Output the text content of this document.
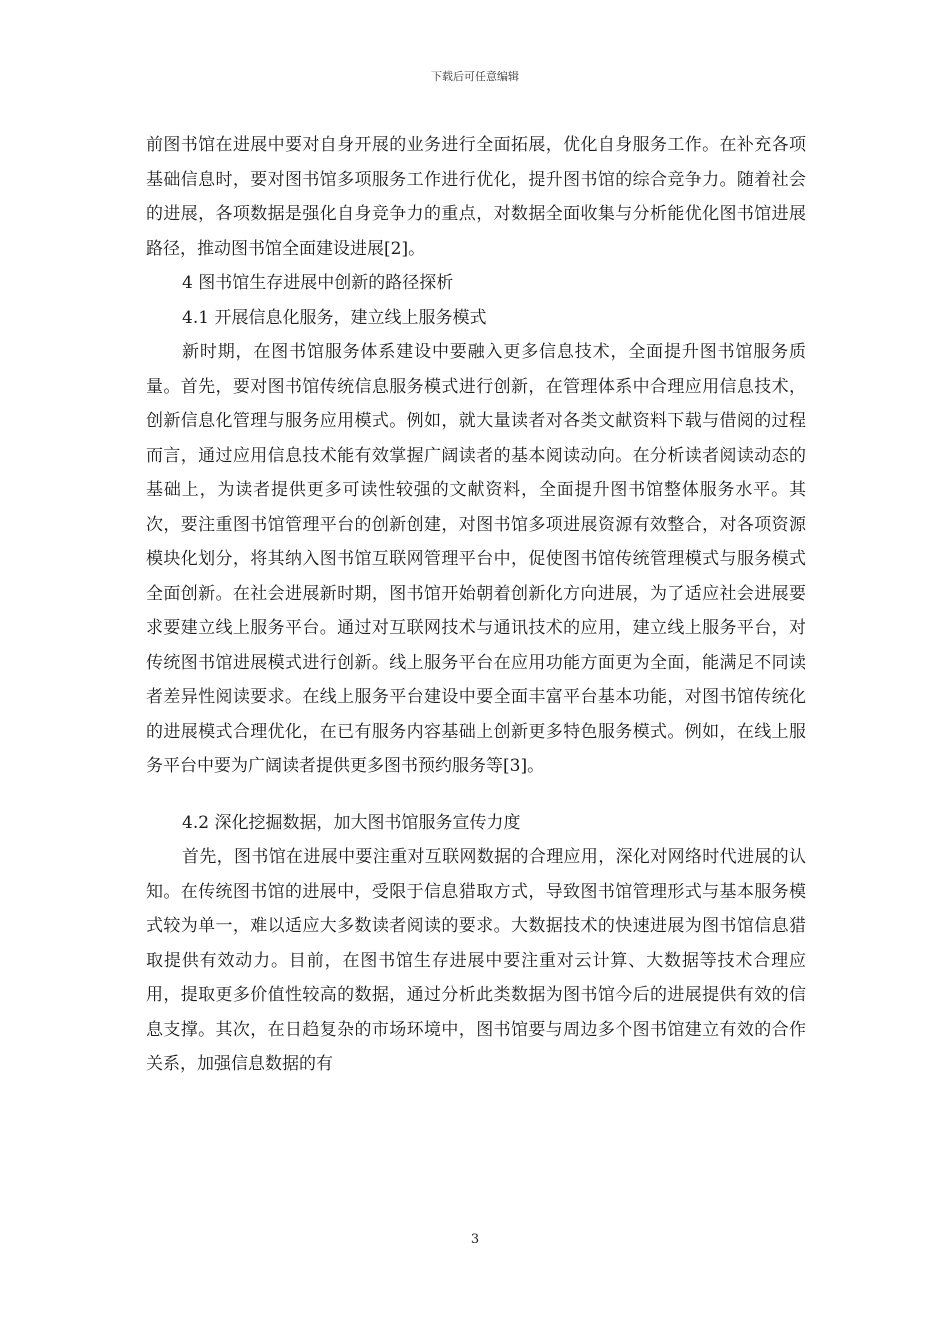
下载后可任意编辑

前图书馆在进展中要对自身开展的业务进行全面拓展，优化自身服务工作。在补充各项基础信息时，要对图书馆多项服务工作进行优化，提升图书馆的综合竞争力。随着社会的进展，各项数据是强化自身竞争力的重点，对数据全面收集与分析能优化图书馆进展路径，推动图书馆全面建设进展[2]。

4 图书馆生存进展中创新的路径探析

4.1 开展信息化服务，建立线上服务模式

新时期，在图书馆服务体系建设中要融入更多信息技术，全面提升图书馆服务质量。首先，要对图书馆传统信息服务模式进行创新，在管理体系中合理应用信息技术，创新信息化管理与服务应用模式。例如，就大量读者对各类文献资料下载与借阅的过程而言，通过应用信息技术能有效掌握广阔读者的基本阅读动向。在分析读者阅读动态的基础上，为读者提供更多可读性较强的文献资料，全面提升图书馆整体服务水平。其次，要注重图书馆管理平台的创新创建，对图书馆多项进展资源有效整合，对各项资源模块化划分，将其纳入图书馆互联网管理平台中，促使图书馆传统管理模式与服务模式全面创新。在社会进展新时期，图书馆开始朝着创新化方向进展，为了适应社会进展要求要建立线上服务平台。通过对互联网技术与通讯技术的应用，建立线上服务平台，对传统图书馆进展模式进行创新。线上服务平台在应用功能方面更为全面，能满足不同读者差异性阅读要求。在线上服务平台建设中要全面丰富平台基本功能，对图书馆传统化的进展模式合理优化，在已有服务内容基础上创新更多特色服务模式。例如，在线上服务平台中要为广阔读者提供更多图书预约服务等[3]。

4.2 深化挖掘数据，加大图书馆服务宣传力度

首先，图书馆在进展中要注重对互联网数据的合理应用，深化对网络时代进展的认知。在传统图书馆的进展中，受限于信息猎取方式，导致图书馆管理形式与基本服务模式较为单一，难以适应大多数读者阅读的要求。大数据技术的快速进展为图书馆信息猎取提供有效动力。目前，在图书馆生存进展中要注重对云计算、大数据等技术合理应用，提取更多价值性较高的数据，通过分析此类数据为图书馆今后的进展提供有效的信息支撑。其次，在日趋复杂的市场环境中，图书馆要与周边多个图书馆建立有效的合作关系，加强信息数据的有

3
